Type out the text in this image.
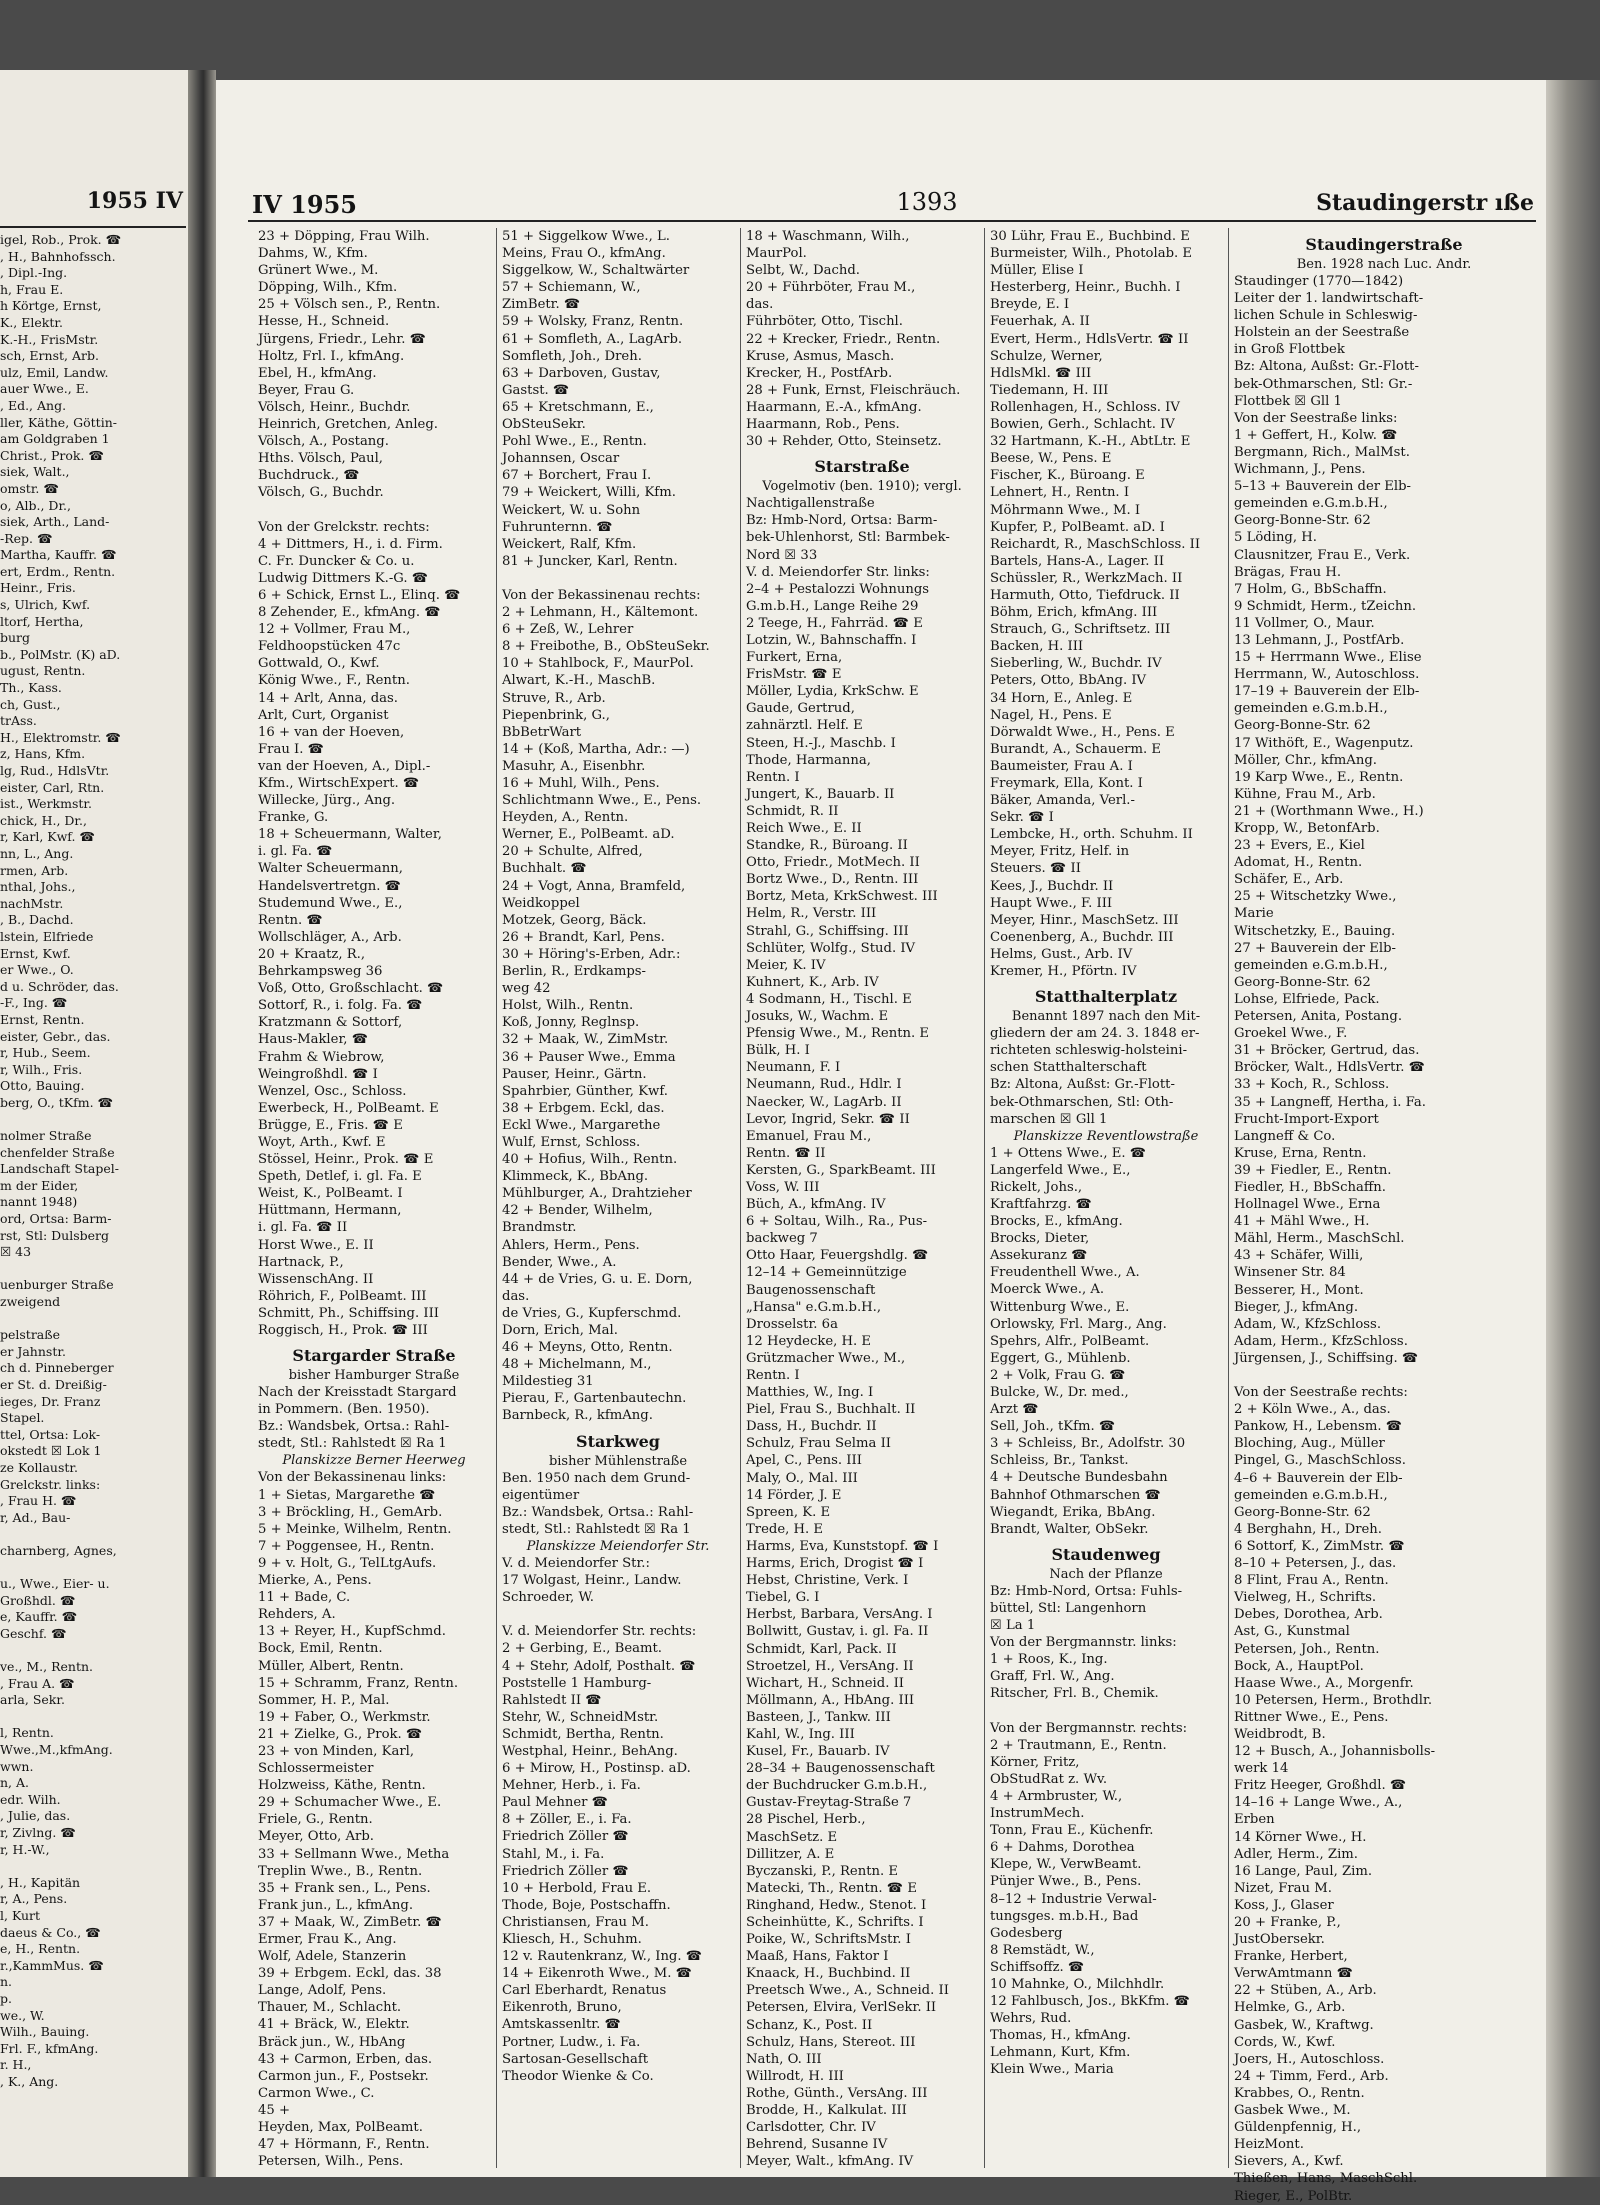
1955 IV
igel, Rob., Prok. ☎
, H., Bahnhofssch.
, Dipl.-Ing.
h, Frau E.
h Körtge, Ernst,
K., Elektr.
K.-H., FrisMstr.
sch, Ernst, Arb.
ulz, Emil, Landw.
auer Wwe., E.
, Ed., Ang.
ller, Käthe, Göttin-
am Goldgraben 1
Christ., Prok. ☎
siek, Walt.,
omstr. ☎
o, Alb., Dr.,
siek, Arth., Land-
-Rep. ☎
Martha, Kauffr. ☎
ert, Erdm., Rentn.
Heinr., Fris.
s, Ulrich, Kwf.
ltorf, Hertha,
burg
b., PolMstr. (K) aD.
ugust, Rentn.
Th., Kass.
ch, Gust.,
trAss.
H., Elektromstr. ☎
z, Hans, Kfm.
lg, Rud., HdlsVtr.
eister, Carl, Rtn.
ist., Werkmstr.
chick, H., Dr.,
r, Karl, Kwf. ☎
nn, L., Ang.
rmen, Arb.
nthal, Johs.,
nachMstr.
, B., Dachd.
lstein, Elfriede
Ernst, Kwf.
er Wwe., O.
d u. Schröder, das.
-F., Ing. ☎
Ernst, Rentn.
eister, Gebr., das.
r, Hub., Seem.
r, Wilh., Fris.
Otto, Bauing.
berg, O., tKfm. ☎

nolmer Straße
chenfelder Straße
Landschaft Stapel-
m der Eider,
nannt 1948)
ord, Ortsa: Barm-
rst, Stl: Dulsberg
☒ 43

uenburger Straße
zweigend

pelstraße
er Jahnstr.
ch d. Pinneberger
er St. d. Dreißig-
ieges, Dr. Franz
Stapel.
ttel, Ortsa: Lok-
okstedt ☒ Lok 1
ze Kollaustr.
Grelckstr. links:
, Frau H. ☎
r, Ad., Bau-

charnberg, Agnes,

u., Wwe., Eier- u.
Großhdl. ☎
e, Kauffr. ☎
Geschf. ☎

ve., M., Rentn.
, Frau A. ☎
arla, Sekr.

l, Rentn.
Wwe.,M.,kfmAng.
wwn.
n, A.
edr. Wilh.
, Julie, das.
r, Zivlng. ☎
r, H.-W.,

, H., Kapitän
r, A., Pens.
l, Kurt
daeus & Co., ☎
e, H., Rentn.
r.,KammMus. ☎
n.
p.
we., W.
Wilh., Bauing.
Frl. F., kfmAng.
r. H.,
, K., Ang.
IV 1955	1393	Staudingerstr ıße
23 + Döpping, Frau Wilh.
Dahms, W., Kfm.
Grünert Wwe., M.
Döpping, Wilh., Kfm.
25 + Völsch sen., P., Rentn.
Hesse, H., Schneid.
Jürgens, Friedr., Lehr. ☎
Holtz, Frl. I., kfmAng.
Ebel, H., kfmAng.
Beyer, Frau G.
Völsch, Heinr., Buchdr.
Heinrich, Gretchen, Anleg.
Völsch, A., Postang.
Hths. Völsch, Paul,
Buchdruck., ☎
Völsch, G., Buchdr.

Von der Grelckstr. rechts:
4 + Dittmers, H., i. d. Firm.
C. Fr. Duncker & Co. u.
Ludwig Dittmers K.-G. ☎
6 + Schick, Ernst L., Elinq. ☎
8 Zehender, E., kfmAng. ☎
12 + Vollmer, Frau M.,
Feldhoopstücken 47c
Gottwald, O., Kwf.
König Wwe., F., Rentn.
14 + Arlt, Anna, das.
Arlt, Curt, Organist
16 + van der Hoeven,
Frau I. ☎
van der Hoeven, A., Dipl.-
Kfm., WirtschExpert. ☎
Willecke, Jürg., Ang.
Franke, G.
18 + Scheuermann, Walter,
i. gl. Fa. ☎
Walter Scheuermann,
Handelsvertretgn. ☎
Studemund Wwe., E.,
Rentn. ☎
Wollschläger, A., Arb.
20 + Kraatz, R.,
Behrkampsweg 36
Voß, Otto, Großschlacht. ☎
Sottorf, R., i. folg. Fa. ☎
Kratzmann & Sottorf,
Haus-Makler, ☎
Frahm & Wiebrow,
Weingroßhdl. ☎ I
Wenzel, Osc., Schloss.
Ewerbeck, H., PolBeamt. E
Brügge, E., Fris. ☎ E
Woyt, Arth., Kwf. E
Stössel, Heinr., Prok. ☎ E
Speth, Detlef, i. gl. Fa. E
Weist, K., PolBeamt. I
Hüttmann, Hermann,
i. gl. Fa. ☎ II
Horst Wwe., E. II
Hartnack, P.,
WissenschAng. II
Röhrich, F., PolBeamt. III
Schmitt, Ph., Schiffsing. III
Roggisch, H., Prok. ☎ III
Stargarder Straße
bisher Hamburger Straße
Nach der Kreisstadt Stargard
in Pommern. (Ben. 1950).
Bz.: Wandsbek, Ortsa.: Rahl-
stedt, Stl.: Rahlstedt ☒ Ra 1
Planskizze Berner Heerweg
Von der Bekassinenau links:
1 + Sietas, Margarethe ☎
3 + Bröckling, H., GemArb.
5 + Meinke, Wilhelm, Rentn.
7 + Poggensee, H., Rentn.
9 + v. Holt, G., TelLtgAufs.
Mierke, A., Pens.
11 + Bade, C.
Rehders, A.
13 + Reyer, H., KupfSchmd.
Bock, Emil, Rentn.
Müller, Albert, Rentn.
15 + Schramm, Franz, Rentn.
Sommer, H. P., Mal.
19 + Faber, O., Werkmstr.
21 + Zielke, G., Prok. ☎
23 + von Minden, Karl,
Schlossermeister
Holzweiss, Käthe, Rentn.
29 + Schumacher Wwe., E.
Friele, G., Rentn.
Meyer, Otto, Arb.
33 + Sellmann Wwe., Metha
Treplin Wwe., B., Rentn.
35 + Frank sen., L., Pens.
Frank jun., L., kfmAng.
37 + Maak, W., ZimBetr. ☎
Ermer, Frau K., Ang.
Wolf, Adele, Stanzerin
39 + Erbgem. Eckl, das. 38
Lange, Adolf, Pens.
Thauer, M., Schlacht.
41 + Bräck, W., Elektr.
Bräck jun., W., HbAng
43 + Carmon, Erben, das.
Carmon jun., F., Postsekr.
Carmon Wwe., C.
45 +
Heyden, Max, PolBeamt.
47 + Hörmann, F., Rentn.
Petersen, Wilh., Pens.
51 + Siggelkow Wwe., L.
Meins, Frau O., kfmAng.
Siggelkow, W., Schaltwärter
57 + Schiemann, W.,
ZimBetr. ☎
59 + Wolsky, Franz, Rentn.
61 + Somfleth, A., LagArb.
Somfleth, Joh., Dreh.
63 + Darboven, Gustav,
Gastst. ☎
65 + Kretschmann, E.,
ObSteuSekr.
Pohl Wwe., E., Rentn.
Johannsen, Oscar
67 + Borchert, Frau I.
79 + Weickert, Willi, Kfm.
Weickert, W. u. Sohn
Fuhrunternn. ☎
Weickert, Ralf, Kfm.
81 + Juncker, Karl, Rentn.

Von der Bekassinenau rechts:
2 + Lehmann, H., Kältemont.
6 + Zeß, W., Lehrer
8 + Freibothe, B., ObSteuSekr.
10 + Stahlbock, F., MaurPol.
Alwart, K.-H., MaschB.
Struve, R., Arb.
Piepenbrink, G.,
BbBetrWart
14 + (Koß, Martha, Adr.: —)
Masuhr, A., Eisenbhr.
16 + Muhl, Wilh., Pens.
Schlichtmann Wwe., E., Pens.
Heyden, A., Rentn.
Werner, E., PolBeamt. aD.
20 + Schulte, Alfred,
Buchhalt. ☎
24 + Vogt, Anna, Bramfeld,
Weidkoppel
Motzek, Georg, Bäck.
26 + Brandt, Karl, Pens.
30 + Höring's-Erben, Adr.:
Berlin, R., Erdkamps-
weg 42
Holst, Wilh., Rentn.
Koß, Jonny, Reglnsp.
32 + Maak, W., ZimMstr.
36 + Pauser Wwe., Emma
Pauser, Heinr., Gärtn.
Spahrbier, Günther, Kwf.
38 + Erbgem. Eckl, das.
Eckl Wwe., Margarethe
Wulf, Ernst, Schloss.
40 + Hofius, Wilh., Rentn.
Klimmeck, K., BbAng.
Mühlburger, A., Drahtzieher
42 + Bender, Wilhelm,
Brandmstr.
Ahlers, Herm., Pens.
Bender, Wwe., A.
44 + de Vries, G. u. E. Dorn,
das.
de Vries, G., Kupferschmd.
Dorn, Erich, Mal.
46 + Meyns, Otto, Rentn.
48 + Michelmann, M.,
Mildestieg 31
Pierau, F., Gartenbautechn.
Barnbeck, R., kfmAng.
Starkweg
bisher Mühlenstraße
Ben. 1950 nach dem Grund-
eigentümer
Bz.: Wandsbek, Ortsa.: Rahl-
stedt, Stl.: Rahlstedt ☒ Ra 1
Planskizze Meiendorfer Str.
V. d. Meiendorfer Str.:
17 Wolgast, Heinr., Landw.
Schroeder, W.

V. d. Meiendorfer Str. rechts:
2 + Gerbing, E., Beamt.
4 + Stehr, Adolf, Posthalt. ☎
Poststelle 1 Hamburg-
Rahlstedt II ☎
Stehr, W., SchneidMstr.
Schmidt, Bertha, Rentn.
Westphal, Heinr., BehAng.
6 + Mirow, H., Postinsp. aD.
Mehner, Herb., i. Fa.
Paul Mehner ☎
8 + Zöller, E., i. Fa.
Friedrich Zöller ☎
Stahl, M., i. Fa.
Friedrich Zöller ☎
10 + Herbold, Frau E.
Thode, Boje, Postschaffn.
Christiansen, Frau M.
Kliesch, H., Schuhm.
12 v. Rautenkranz, W., Ing. ☎
14 + Eikenroth Wwe., M. ☎
Carl Eberhardt, Renatus
Eikenroth, Bruno,
Amtskassenltr. ☎
Portner, Ludw., i. Fa.
Sartosan-Gesellschaft
Theodor Wienke & Co.
18 + Waschmann, Wilh.,
MaurPol.
Selbt, W., Dachd.
20 + Führböter, Frau M.,
das.
Führböter, Otto, Tischl.
22 + Krecker, Friedr., Rentn.
Kruse, Asmus, Masch.
Krecker, H., PostfArb.
28 + Funk, Ernst, Fleischräuch.
Haarmann, E.-A., kfmAng.
Haarmann, Rob., Pens.
30 + Rehder, Otto, Steinsetz.
Starstraße
Vogelmotiv (ben. 1910); vergl.
Nachtigallenstraße
Bz: Hmb-Nord, Ortsa: Barm-
bek-Uhlenhorst, Stl: Barmbek-
Nord ☒ 33
V. d. Meiendorfer Str. links:
2–4 + Pestalozzi Wohnungs
G.m.b.H., Lange Reihe 29
2 Teege, H., Fahrräd. ☎ E
Lotzin, W., Bahnschaffn. I
Furkert, Erna,
FrisMstr. ☎ E
Möller, Lydia, KrkSchw. E
Gaude, Gertrud,
zahnärztl. Helf. E
Steen, H.-J., Maschb. I
Thode, Harmanna,
Rentn. I
Jungert, K., Bauarb. II
Schmidt, R. II
Reich Wwe., E. II
Standke, R., Büroang. II
Otto, Friedr., MotMech. II
Bortz Wwe., D., Rentn. III
Bortz, Meta, KrkSchwest. III
Helm, R., Verstr. III
Strahl, G., Schiffsing. III
Schlüter, Wolfg., Stud. IV
Meier, K. IV
Kuhnert, K., Arb. IV
4 Sodmann, H., Tischl. E
Josuks, W., Wachm. E
Pfensig Wwe., M., Rentn. E
Bülk, H. I
Neumann, F. I
Neumann, Rud., Hdlr. I
Naecker, W., LagArb. II
Levor, Ingrid, Sekr. ☎ II
Emanuel, Frau M.,
Rentn. ☎ II
Kersten, G., SparkBeamt. III
Voss, W. III
Büch, A., kfmAng. IV
6 + Soltau, Wilh., Ra., Pus-
backweg 7
Otto Haar, Feuergshdlg. ☎
12–14 + Gemeinnützige
Baugenossenschaft
„Hansa" e.G.m.b.H.,
Drosselstr. 6a
12 Heydecke, H. E
Grützmacher Wwe., M.,
Rentn. I
Matthies, W., Ing. I
Piel, Frau S., Buchhalt. II
Dass, H., Buchdr. II
Schulz, Frau Selma II
Apel, C., Pens. III
Maly, O., Mal. III
14 Förder, J. E
Spreen, K. E
Trede, H. E
Harms, Eva, Kunststopf. ☎ I
Harms, Erich, Drogist ☎ I
Hebst, Christine, Verk. I
Tiebel, G. I
Herbst, Barbara, VersAng. I
Bollwitt, Gustav, i. gl. Fa. II
Schmidt, Karl, Pack. II
Stroetzel, H., VersAng. II
Wichart, H., Schneid. II
Möllmann, A., HbAng. III
Basteen, J., Tankw. III
Kahl, W., Ing. III
Kusel, Fr., Bauarb. IV
28–34 + Baugenossenschaft
der Buchdrucker G.m.b.H.,
Gustav-Freytag-Straße 7
28 Pischel, Herb.,
MaschSetz. E
Dillitzer, A. E
Byczanski, P., Rentn. E
Matecki, Th., Rentn. ☎ E
Ringhand, Hedw., Stenot. I
Scheinhütte, K., Schrifts. I
Poike, W., SchriftsMstr. I
Maaß, Hans, Faktor I
Knaack, H., Buchbind. II
Preetsch Wwe., A., Schneid. II
Petersen, Elvira, VerlSekr. II
Schanz, K., Post. II
Schulz, Hans, Stereot. III
Nath, O. III
Willrodt, H. III
Rothe, Günth., VersAng. III
Brodde, H., Kalkulat. III
Carlsdotter, Chr. IV
Behrend, Susanne IV
Meyer, Walt., kfmAng. IV
30 Lühr, Frau E., Buchbind. E
Burmeister, Wilh., Photolab. E
Müller, Elise I
Hesterberg, Heinr., Buchh. I
Breyde, E. I
Feuerhak, A. II
Evert, Herm., HdlsVertr. ☎ II
Schulze, Werner,
HdlsMkl. ☎ III
Tiedemann, H. III
Rollenhagen, H., Schloss. IV
Bowien, Gerh., Schlacht. IV
32 Hartmann, K.-H., AbtLtr. E
Beese, W., Pens. E
Fischer, K., Büroang. E
Lehnert, H., Rentn. I
Möhrmann Wwe., M. I
Kupfer, P., PolBeamt. aD. I
Reichardt, R., MaschSchloss. II
Bartels, Hans-A., Lager. II
Schüssler, R., WerkzMach. II
Harmuth, Otto, Tiefdruck. II
Böhm, Erich, kfmAng. III
Strauch, G., Schriftsetz. III
Backen, H. III
Sieberling, W., Buchdr. IV
Peters, Otto, BbAng. IV
34 Horn, E., Anleg. E
Nagel, H., Pens. E
Dörwaldt Wwe., H., Pens. E
Burandt, A., Schauerm. E
Baumeister, Frau A. I
Freymark, Ella, Kont. I
Bäker, Amanda, Verl.-
Sekr. ☎ I
Lembcke, H., orth. Schuhm. II
Meyer, Fritz, Helf. in
Steuers. ☎ II
Kees, J., Buchdr. II
Haupt Wwe., F. III
Meyer, Hinr., MaschSetz. III
Coenenberg, A., Buchdr. III
Helms, Gust., Arb. IV
Kremer, H., Pförtn. IV
Statthalterplatz
Benannt 1897 nach den Mit-
gliedern der am 24. 3. 1848 er-
richteten schleswig-holsteini-
schen Statthalterschaft
Bz: Altona, Außst: Gr.-Flott-
bek-Othmarschen, Stl: Oth-
marschen ☒ Gll 1
Planskizze Reventlowstraße
1 + Ottens Wwe., E. ☎
Langerfeld Wwe., E.,
Rickelt, Johs.,
Kraftfahrzg. ☎
Brocks, E., kfmAng.
Brocks, Dieter,
Assekuranz ☎
Freudenthell Wwe., A.
Moerck Wwe., A.
Wittenburg Wwe., E.
Orlowsky, Frl. Marg., Ang.
Spehrs, Alfr., PolBeamt.
Eggert, G., Mühlenb.
2 + Volk, Frau G. ☎
Bulcke, W., Dr. med.,
Arzt ☎
Sell, Joh., tKfm. ☎
3 + Schleiss, Br., Adolfstr. 30
Schleiss, Br., Tankst.
4 + Deutsche Bundesbahn
Bahnhof Othmarschen ☎
Wiegandt, Erika, BbAng.
Brandt, Walter, ObSekr.
Staudenweg
Nach der Pflanze
Bz: Hmb-Nord, Ortsa: Fuhls-
büttel, Stl: Langenhorn
☒ La 1
Von der Bergmannstr. links:
1 + Roos, K., Ing.
Graff, Frl. W., Ang.
Ritscher, Frl. B., Chemik.

Von der Bergmannstr. rechts:
2 + Trautmann, E., Rentn.
Körner, Fritz,
ObStudRat z. Wv.
4 + Armbruster, W.,
InstrumMech.
Tonn, Frau E., Küchenfr.
6 + Dahms, Dorothea
Klepe, W., VerwBeamt.
Pünjer Wwe., B., Pens.
8–12 + Industrie Verwal-
tungsges. m.b.H., Bad
Godesberg
8 Remstädt, W.,
Schiffsoffz. ☎
10 Mahnke, O., Milchhdlr.
12 Fahlbusch, Jos., BkKfm. ☎
Wehrs, Rud.
Thomas, H., kfmAng.
Lehmann, Kurt, Kfm.
Klein Wwe., Maria
Staudingerstraße
Ben. 1928 nach Luc. Andr.
Staudinger (1770—1842)
Leiter der 1. landwirtschaft-
lichen Schule in Schleswig-
Holstein an der Seestraße
in Groß Flottbek
Bz: Altona, Außst: Gr.-Flott-
bek-Othmarschen, Stl: Gr.-
Flottbek ☒ Gll 1
Von der Seestraße links:
1 + Geffert, H., Kolw. ☎
Bergmann, Rich., MalMst.
Wichmann, J., Pens.
5–13 + Bauverein der Elb-
gemeinden e.G.m.b.H.,
Georg-Bonne-Str. 62
5 Löding, H.
Clausnitzer, Frau E., Verk.
Brägas, Frau H.
7 Holm, G., BbSchaffn.
9 Schmidt, Herm., tZeichn.
11 Vollmer, O., Maur.
13 Lehmann, J., PostfArb.
15 + Herrmann Wwe., Elise
Herrmann, W., Autoschloss.
17–19 + Bauverein der Elb-
gemeinden e.G.m.b.H.,
Georg-Bonne-Str. 62
17 Withöft, E., Wagenputz.
Möller, Chr., kfmAng.
19 Karp Wwe., E., Rentn.
Kühne, Frau M., Arb.
21 + (Worthmann Wwe., H.)
Kropp, W., BetonfArb.
23 + Evers, E., Kiel
Adomat, H., Rentn.
Schäfer, E., Arb.
25 + Witschetzky Wwe.,
Marie
Witschetzky, E., Bauing.
27 + Bauverein der Elb-
gemeinden e.G.m.b.H.,
Georg-Bonne-Str. 62
Lohse, Elfriede, Pack.
Petersen, Anita, Postang.
Groekel Wwe., F.
31 + Bröcker, Gertrud, das.
Bröcker, Walt., HdlsVertr. ☎
33 + Koch, R., Schloss.
35 + Langneff, Hertha, i. Fa.
Frucht-Import-Export
Langneff & Co.
Kruse, Erna, Rentn.
39 + Fiedler, E., Rentn.
Fiedler, H., BbSchaffn.
Hollnagel Wwe., Erna
41 + Mähl Wwe., H.
Mähl, Herm., MaschSchl.
43 + Schäfer, Willi,
Winsener Str. 84
Besserer, H., Mont.
Bieger, J., kfmAng.
Adam, W., KfzSchloss.
Adam, Herm., KfzSchloss.
Jürgensen, J., Schiffsing. ☎

Von der Seestraße rechts:
2 + Köln Wwe., A., das.
Pankow, H., Lebensm. ☎
Bloching, Aug., Müller
Pingel, G., MaschSchloss.
4–6 + Bauverein der Elb-
gemeinden e.G.m.b.H.,
Georg-Bonne-Str. 62
4 Berghahn, H., Dreh.
6 Sottorf, K., ZimMstr. ☎
8–10 + Petersen, J., das.
8 Flint, Frau A., Rentn.
Vielweg, H., Schrifts.
Debes, Dorothea, Arb.
Ast, G., Kunstmal
Petersen, Joh., Rentn.
Bock, A., HauptPol.
Haase Wwe., A., Morgenfr.
10 Petersen, Herm., Brothdlr.
Rittner Wwe., E., Pens.
Weidbrodt, B.
12 + Busch, A., Johannisbolls-
werk 14
Fritz Heeger, Großhdl. ☎
14–16 + Lange Wwe., A.,
Erben
14 Körner Wwe., H.
Adler, Herm., Zim.
16 Lange, Paul, Zim.
Nizet, Frau M.
Koss, J., Glaser
20 + Franke, P.,
JustObersekr.
Franke, Herbert,
VerwAmtmann ☎
22 + Stüben, A., Arb.
Helmke, G., Arb.
Gasbek, W., Kraftwg.
Cords, W., Kwf.
Joers, H., Autoschloss.
24 + Timm, Ferd., Arb.
Krabbes, O., Rentn.
Gasbek Wwe., M.
Güldenpfennig, H.,
HeizMont.
Sievers, A., Kwf.
Thießen, Hans, MaschSchl.
Rieger, E., PolBtr.
